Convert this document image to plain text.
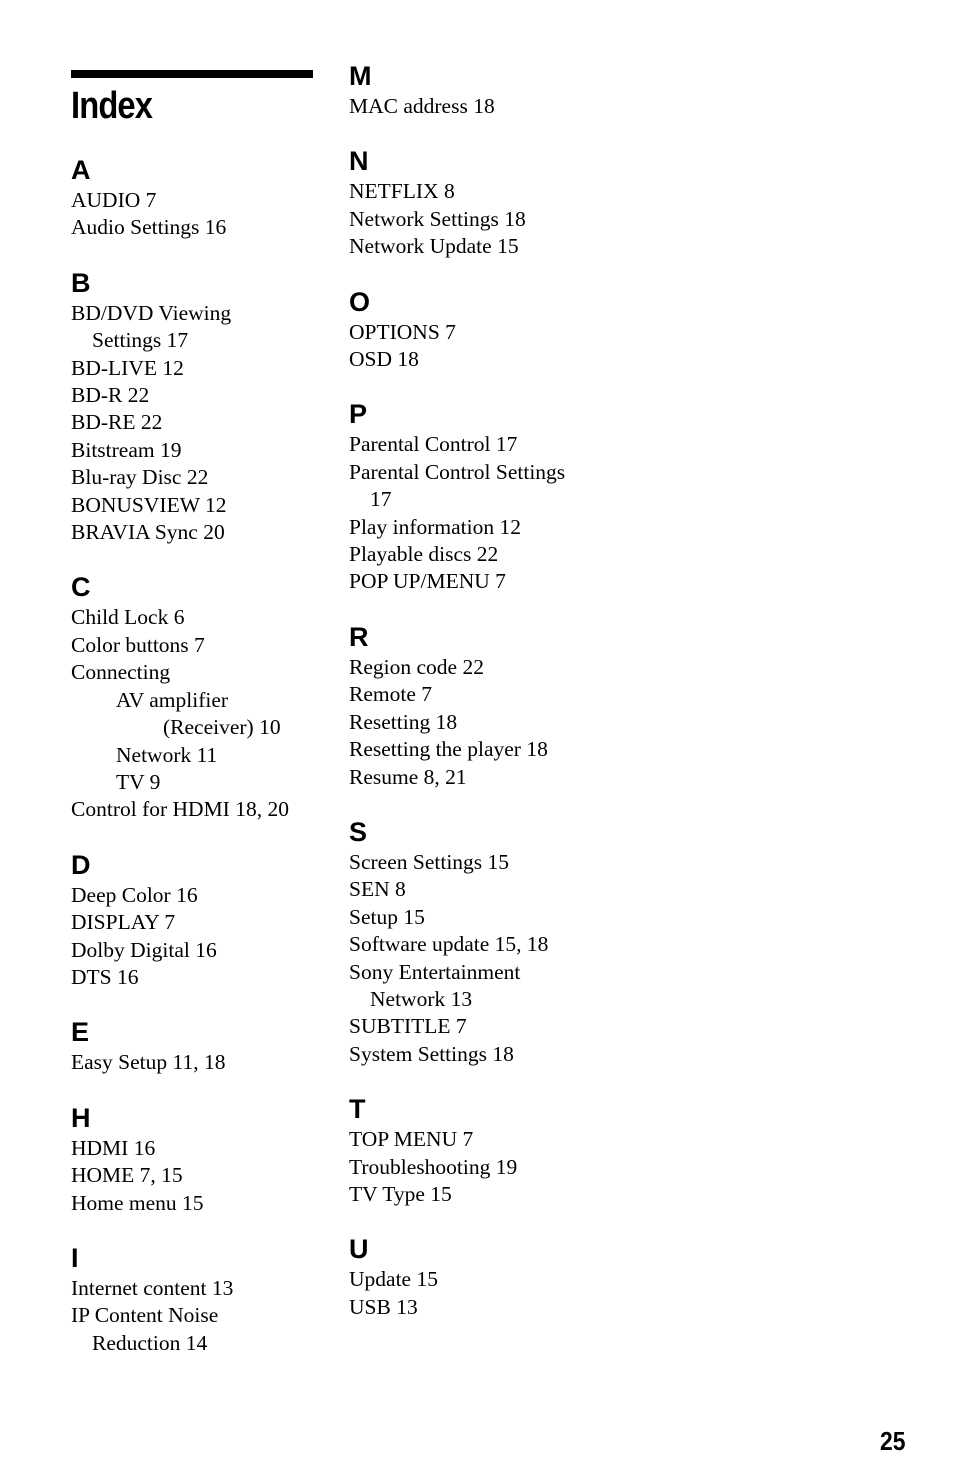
Index
A
AUDIO 7
Audio Settings 16
B
BD/DVD Viewing
Settings 17
BD-LIVE 12
BD-R 22
BD-RE 22
Bitstream 19
Blu-ray Disc 22
BONUSVIEW 12
BRAVIA Sync 20
C
Child Lock 6
Color buttons 7
Connecting
AV amplifier
(Receiver) 10
Network 11
TV 9
Control for HDMI 18, 20
D
Deep Color 16
DISPLAY 7
Dolby Digital 16
DTS 16
E
Easy Setup 11, 18
H
HDMI 16
HOME 7, 15
Home menu 15
I
Internet content 13
IP Content Noise
Reduction 14
M
MAC address 18
N
NETFLIX 8
Network Settings 18
Network Update 15
O
OPTIONS 7
OSD 18
P
Parental Control 17
Parental Control Settings
17
Play information 12
Playable discs 22
POP UP/MENU 7
R
Region code 22
Remote 7
Resetting 18
Resetting the player 18
Resume 8, 21
S
Screen Settings 15
SEN 8
Setup 15
Software update 15, 18
Sony Entertainment
Network 13
SUBTITLE 7
System Settings 18
T
TOP MENU 7
Troubleshooting 19
TV Type 15
U
Update 15
USB 13
25
